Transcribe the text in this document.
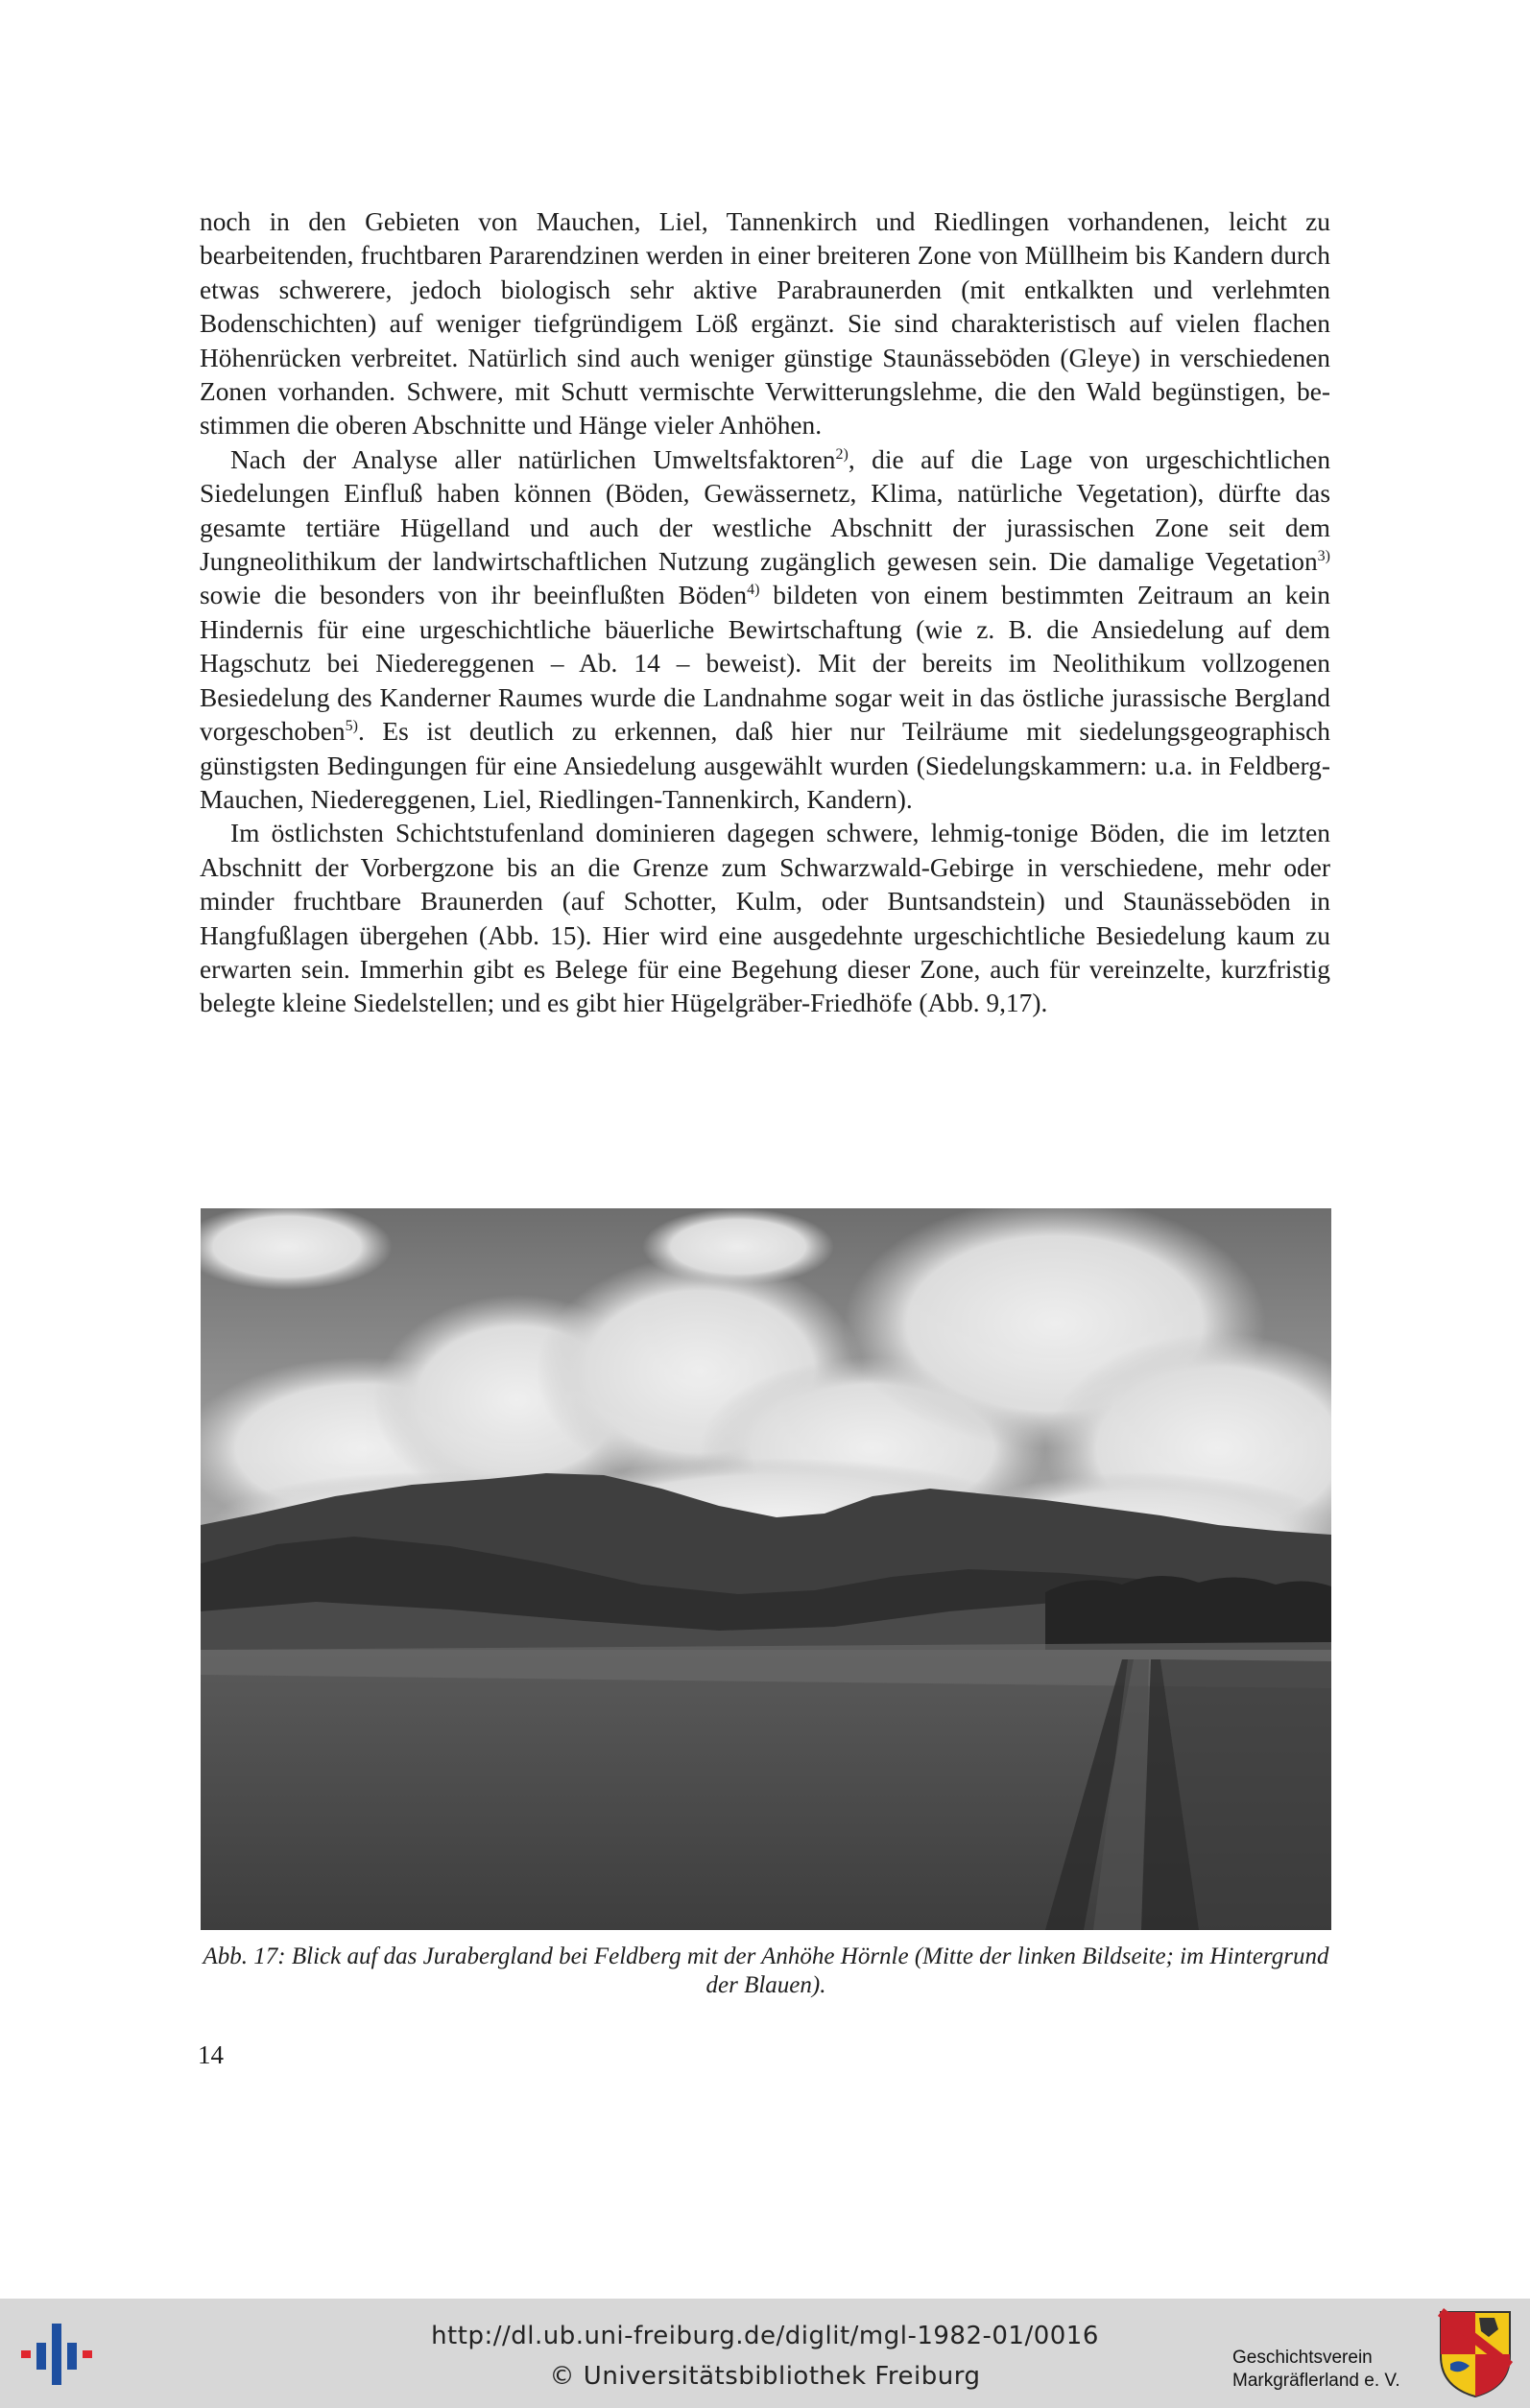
noch in den Gebieten von Mauchen, Liel, Tannenkirch und Riedlingen vorhandenen, leicht zu bearbeitenden, fruchtbaren Pararendzinen werden in einer breiteren Zone von Müllheim bis Kandern durch etwas schwerere, jedoch biologisch sehr aktive Parabraunerden (mit entkalkten und verlehmten Bodenschichten) auf weniger tiefgründigem Löß ergänzt. Sie sind charakteristisch auf vielen flachen Höhenrücken verbreitet. Natürlich sind auch weniger günstige Staunässeböden (Gleye) in verschiedenen Zonen vorhanden. Schwere, mit Schutt vermischte Verwitterungslehme, die den Wald begünstigen, bestimmen die oberen Abschnitte und Hänge vieler Anhöhen.

Nach der Analyse aller natürlichen Umweltsfaktoren$^{2)}$, die auf die Lage von urgeschichtlichen Siedelungen Einfluß haben können (Böden, Gewässernetz, Klima, natürliche Vegetation), dürfte das gesamte tertiäre Hügelland und auch der westliche Abschnitt der jurassischen Zone seit dem Jungneolithikum der landwirtschaftlichen Nutzung zugänglich gewesen sein. Die damalige Vegetation$^{3)}$ sowie die besonders von ihr beeinflußten Böden$^{4)}$ bildeten von einem bestimmten Zeitraum an kein Hindernis für eine urgeschichtliche bäuerliche Bewirtschaftung (wie z. B. die Ansiedelung auf dem Hagschutz bei Niedereggenen – Ab. 14 – beweist). Mit der bereits im Neolithikum vollzogenen Besiedelung des Kanderner Raumes wurde die Landnahme sogar weit in das östliche jurassische Bergland vorgeschoben$^{5)}$. Es ist deutlich zu erkennen, daß hier nur Teilräume mit siedelungsgeographisch günstigsten Bedingungen für eine Ansiedelung ausgewählt wurden (Siedelungskammern: u.a. in Feldberg-Mauchen, Niedereggenen, Liel, Riedlingen-Tannenkirch, Kandern).

Im östlichsten Schichtstufenland dominieren dagegen schwere, lehmig-tonige Böden, die im letzten Abschnitt der Vorbergzone bis an die Grenze zum Schwarzwald-Gebirge in verschiedene, mehr oder minder fruchtbare Braunerden (auf Schotter, Kulm, oder Buntsandstein) und Staunässeböden in Hangfußlagen übergehen (Abb. 15). Hier wird eine ausgedehnte urgeschichtliche Besiedelung kaum zu erwarten sein. Immerhin gibt es Belege für eine Begehung dieser Zone, auch für vereinzelte, kurzfristig belegte kleine Siedelstellen; und es gibt hier Hügelgräber-Friedhöfe (Abb. 9,17).

Abb. 17: Blick auf das Jurabergland bei Feldberg mit der Anhöhe Hörnle (Mitte der linken Bildseite; im Hintergrund der Blauen).
14
http://dl.ub.uni-freiburg.de/diglit/mgl-1982-01/0016
© Universitätsbibliothek Freiburg
Geschichtsverein
Markgräflerland e. V.
